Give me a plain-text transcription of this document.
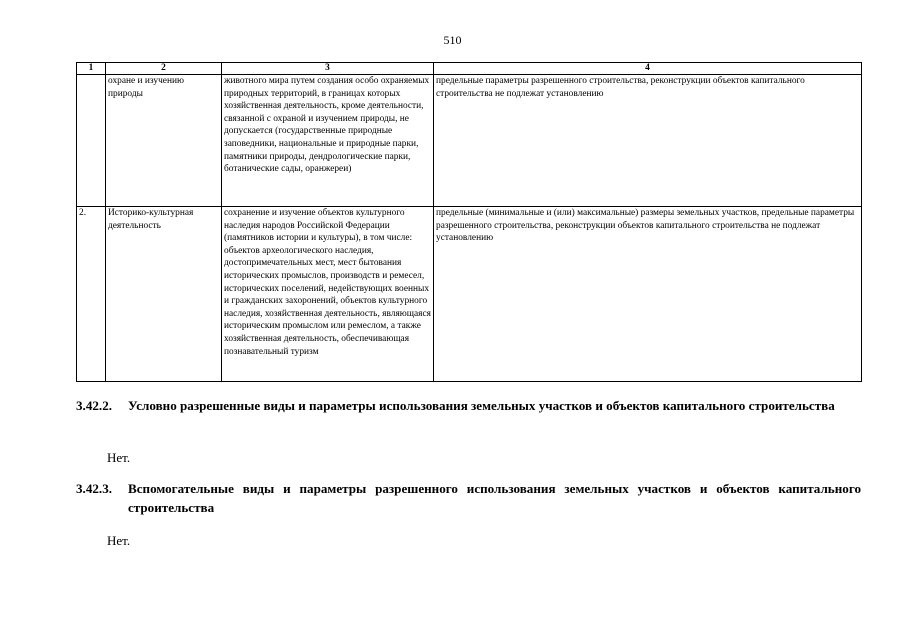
510
1	2	3	4
	охране и изучению природы	животного мира путем создания особо охраняемых природных территорий, в границах которых хозяйственная деятельность, кроме деятельности, связанной с охраной и изучением природы, не допускается (государственные природные заповедники, национальные и природные парки, памятники природы, дендрологические парки, ботанические сады, оранжереи)	предельные параметры разрешенного строительства, реконструкции объектов капитального строительства не подлежат установлению
2.	Историко-культурная деятельность	сохранение и изучение объектов культурного наследия народов Российской Федерации (памятников истории и культуры), в том числе: объектов археологического наследия, достопримечательных мест, мест бытования исторических промыслов, производств и ремесел, исторических поселений, недействующих военных и гражданских захоронений, объектов культурного наследия, хозяйственная деятельность, являющаяся историческим промыслом или ремеслом, а также хозяйственная деятельность, обеспечивающая познавательный туризм	предельные (минимальные и (или) максимальные) размеры земельных участков, предельные параметры разрешенного строительства, реконструкции объектов капитального строительства не подлежат установлению
3.42.2. Условно разрешенные виды и параметры использования земельных участков и объектов капитального строительства
Нет.
3.42.3. Вспомогательные виды и параметры разрешенного использования земельных участков и объектов капитального строительства
Нет.
